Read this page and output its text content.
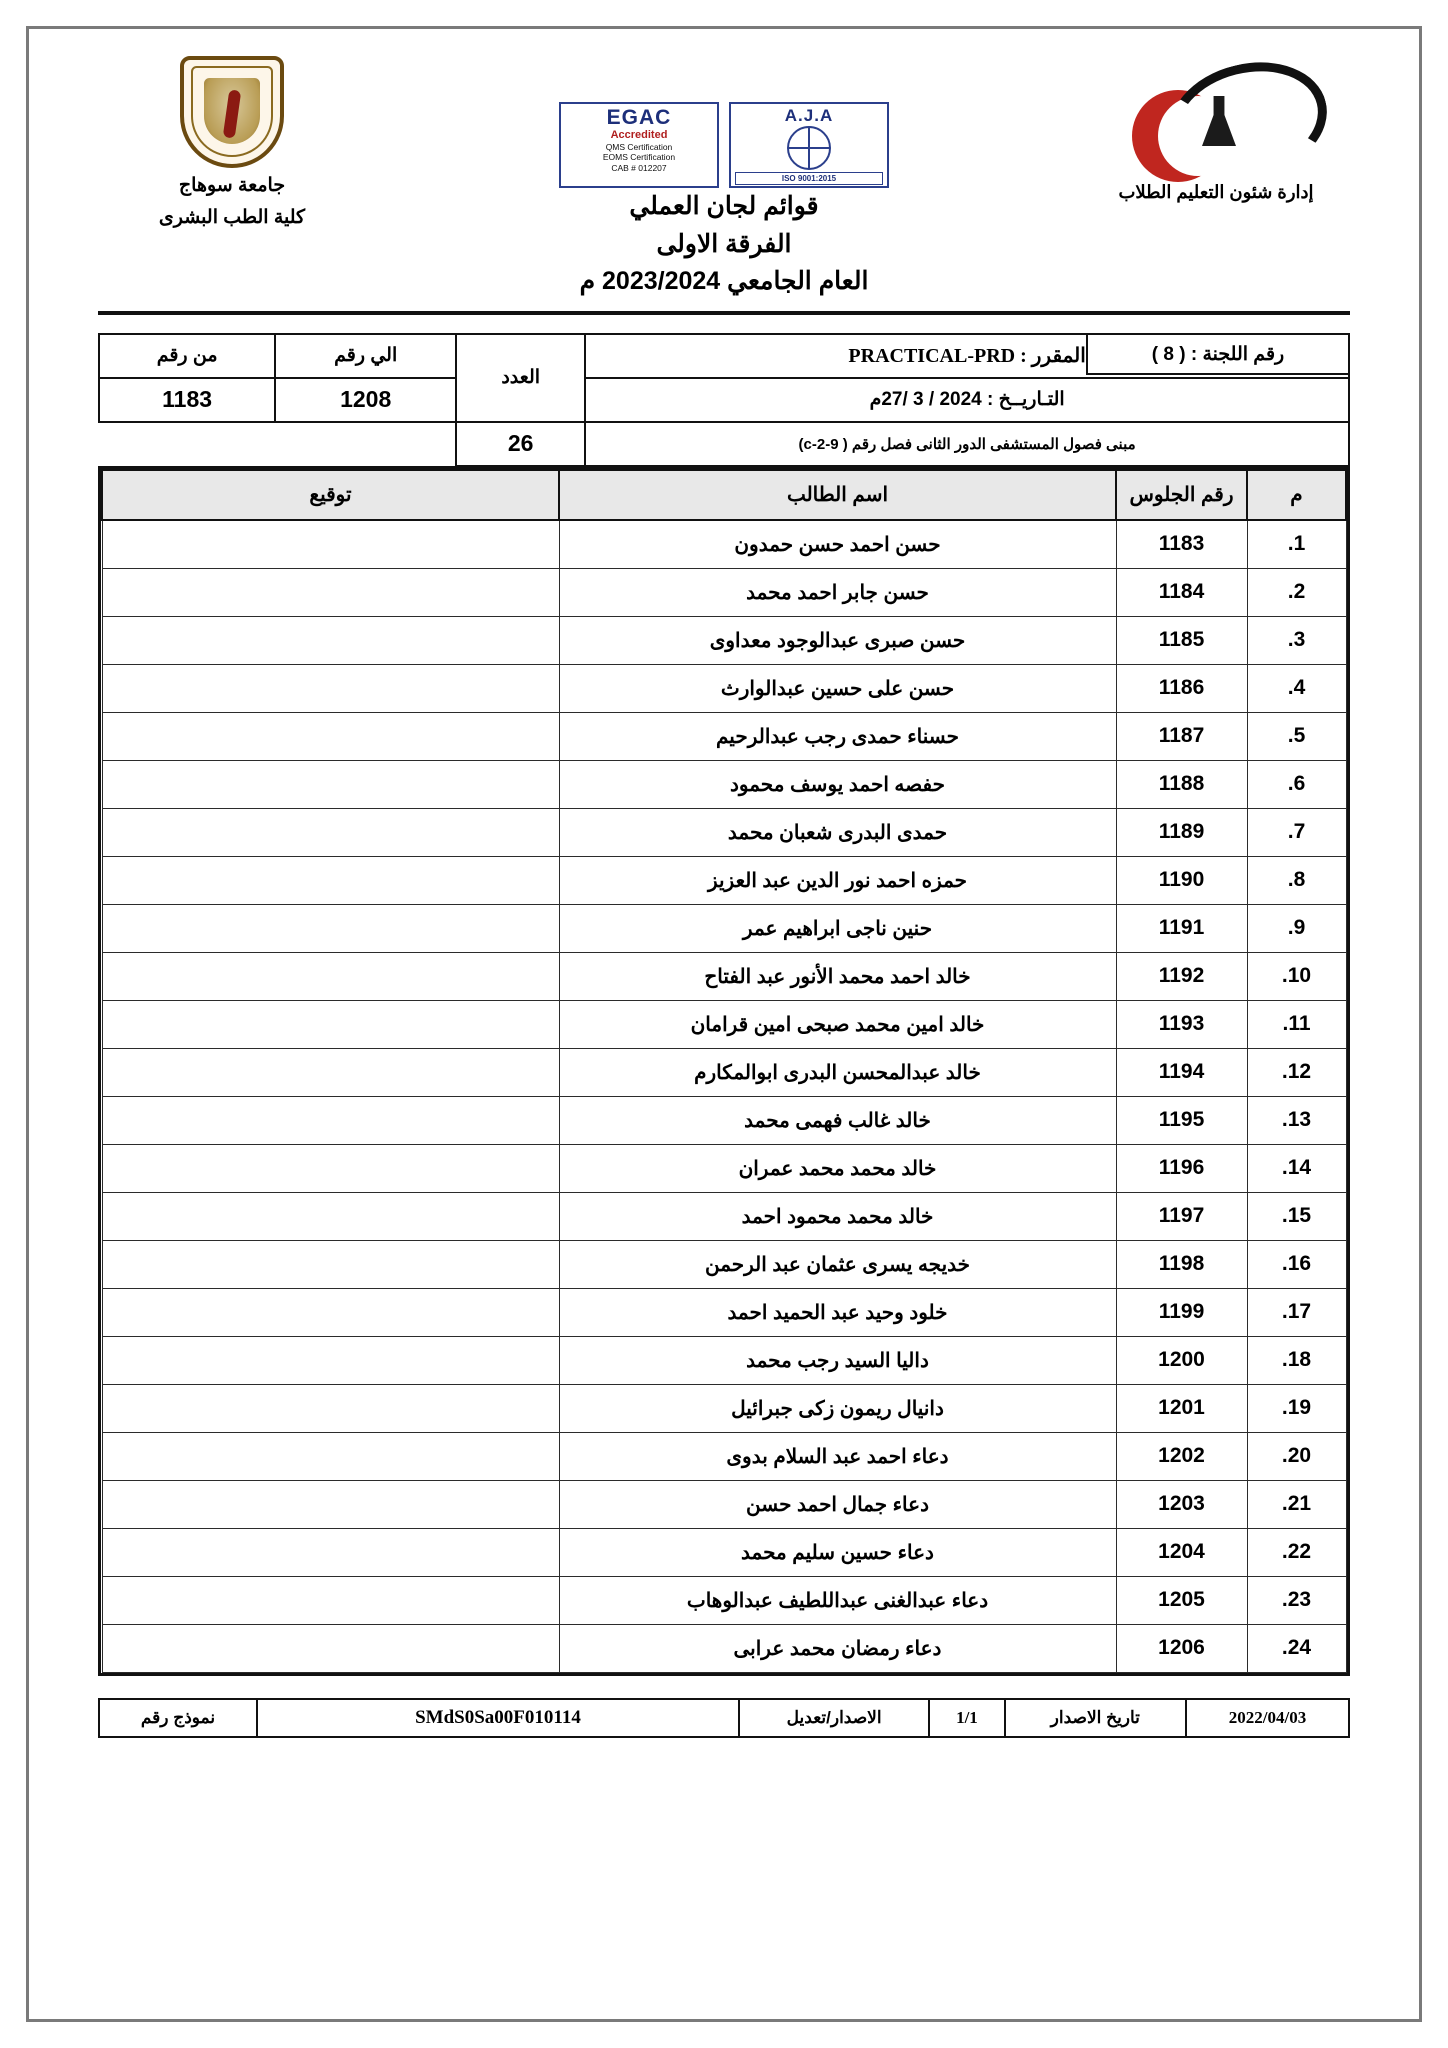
جامعة سوهاج
كلية الطب البشرى
A.J.A
ISO 9001:2015
EGAC
Accredited
QMS Certification
EOMS Certification
CAB # 012207
قوائم لجان العملي
الفرقة الاولى
العام الجامعي 2023/2024 م
إدارة شئون التعليم الطلاب
المقرر : PRACTICAL-PRD	العدد	الي رقم	من رقم
التـاريــخ : 2024 / 3 /27م		1208	1183
مبنى فصول المستشفى الدور الثانى فصل رقم ( 9-2-c)	26		
م	رقم الجلوس	اسم الطالب	توقيع
1.	1183	حسن احمد حسن حمدون	
2.	1184	حسن جابر احمد محمد	
3.	1185	حسن صبرى عبدالوجود معداوى	
4.	1186	حسن على حسين عبدالوارث	
5.	1187	حسناء حمدى رجب عبدالرحيم	
6.	1188	حفصه احمد يوسف محمود	
7.	1189	حمدى البدرى شعبان محمد	
8.	1190	حمزه احمد نور الدين عبد العزيز	
9.	1191	حنين ناجى ابراهيم عمر	
10.	1192	خالد احمد محمد الأنور عبد الفتاح	
11.	1193	خالد امين محمد صبحى امين قرامان	
12.	1194	خالد عبدالمحسن البدرى ابوالمكارم	
13.	1195	خالد غالب فهمى محمد	
14.	1196	خالد محمد محمد عمران	
15.	1197	خالد محمد محمود احمد	
16.	1198	خديجه يسرى عثمان عبد الرحمن	
17.	1199	خلود وحيد عبد الحميد احمد	
18.	1200	داليا السيد رجب محمد	
19.	1201	دانيال ريمون زكى جبرائيل	
20.	1202	دعاء احمد عبد السلام بدوى	
21.	1203	دعاء جمال احمد حسن	
22.	1204	دعاء حسين سليم محمد	
23.	1205	دعاء عبدالغنى عبداللطيف عبدالوهاب	
24.	1206	دعاء رمضان محمد عرابى	
2022/04/03	تاريخ الاصدار	1/1	الاصدار/تعديل	SMdS0Sa00F010114	نموذج رقم
رقم اللجنة : ( 8 )
